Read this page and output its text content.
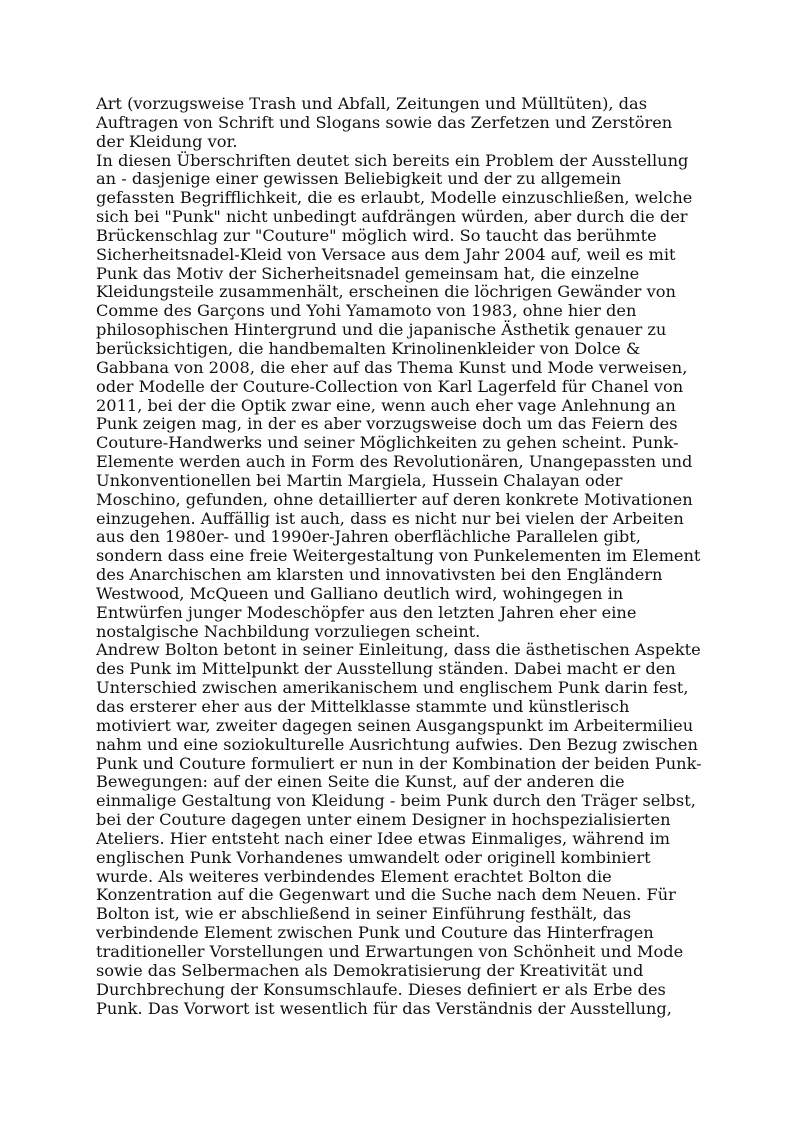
Art (vorzugsweise Trash und Abfall, Zeitungen und Mülltüten), das
Auftragen von Schrift und Slogans sowie das Zerfetzen und Zerstören
der Kleidung vor.
In diesen Überschriften deutet sich bereits ein Problem der Ausstellung
an - dasjenige einer gewissen Beliebigkeit und der zu allgemein
gefassten Begrifflichkeit, die es erlaubt, Modelle einzuschließen, welche
sich bei "Punk" nicht unbedingt aufdrängen würden, aber durch die der
Brückenschlag zur "Couture" möglich wird. So taucht das berühmte
Sicherheitsnadel-Kleid von Versace aus dem Jahr 2004 auf, weil es mit
Punk das Motiv der Sicherheitsnadel gemeinsam hat, die einzelne
Kleidungsteile zusammenhält, erscheinen die löchrigen Gewänder von
Comme des Garçons und Yohi Yamamoto von 1983, ohne hier den
philosophischen Hintergrund und die japanische Ästhetik genauer zu
berücksichtigen, die handbemalten Krinolinenkleider von Dolce &
Gabbana von 2008, die eher auf das Thema Kunst und Mode verweisen,
oder Modelle der Couture-Collection von Karl Lagerfeld für Chanel von
2011, bei der die Optik zwar eine, wenn auch eher vage Anlehnung an
Punk zeigen mag, in der es aber vorzugsweise doch um das Feiern des
Couture-Handwerks und seiner Möglichkeiten zu gehen scheint. Punk-
Elemente werden auch in Form des Revolutionären, Unangepassten und
Unkonventionellen bei Martin Margiela, Hussein Chalayan oder
Moschino, gefunden, ohne detaillierter auf deren konkrete Motivationen
einzugehen. Auffällig ist auch, dass es nicht nur bei vielen der Arbeiten
aus den 1980er- und 1990er-Jahren oberflächliche Parallelen gibt,
sondern dass eine freie Weitergestaltung von Punkelementen im Element
des Anarchischen am klarsten und innovativsten bei den Engländern
Westwood, McQueen und Galliano deutlich wird, wohingegen in
Entwürfen junger Modeschöpfer aus den letzten Jahren eher eine
nostalgische Nachbildung vorzuliegen scheint.
Andrew Bolton betont in seiner Einleitung, dass die ästhetischen Aspekte
des Punk im Mittelpunkt der Ausstellung ständen. Dabei macht er den
Unterschied zwischen amerikanischem und englischem Punk darin fest,
das ersterer eher aus der Mittelklasse stammte und künstlerisch
motiviert war, zweiter dagegen seinen Ausgangspunkt im Arbeitermilieu
nahm und eine soziokulturelle Ausrichtung aufwies. Den Bezug zwischen
Punk und Couture formuliert er nun in der Kombination der beiden Punk-
Bewegungen: auf der einen Seite die Kunst, auf der anderen die
einmalige Gestaltung von Kleidung - beim Punk durch den Träger selbst,
bei der Couture dagegen unter einem Designer in hochspezialisierten
Ateliers. Hier entsteht nach einer Idee etwas Einmaliges, während im
englischen Punk Vorhandenes umwandelt oder originell kombiniert
wurde. Als weiteres verbindendes Element erachtet Bolton die
Konzentration auf die Gegenwart und die Suche nach dem Neuen. Für
Bolton ist, wie er abschließend in seiner Einführung festhält, das
verbindende Element zwischen Punk und Couture das Hinterfragen
traditioneller Vorstellungen und Erwartungen von Schönheit und Mode
sowie das Selbermachen als Demokratisierung der Kreativität und
Durchbrechung der Konsumschlaufe. Dieses definiert er als Erbe des
Punk. Das Vorwort ist wesentlich für das Verständnis der Ausstellung,
